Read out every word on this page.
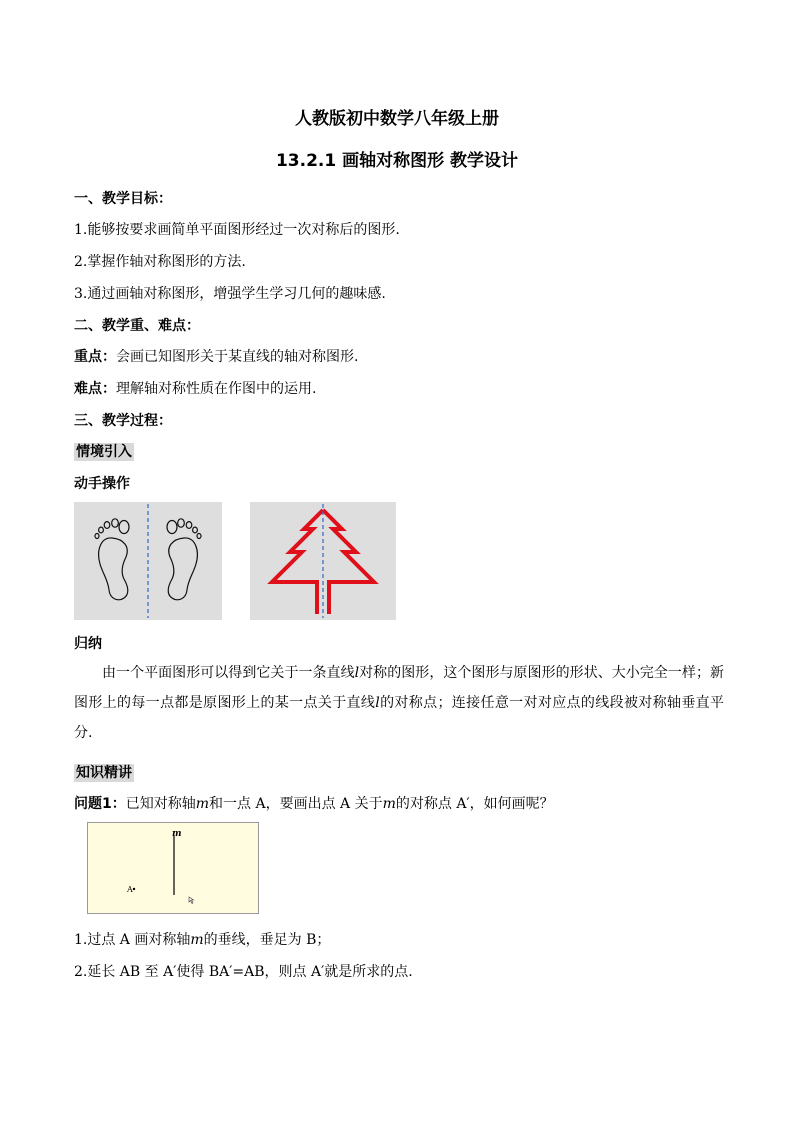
人教版初中数学八年级上册
13.2.1 画轴对称图形 教学设计
一、教学目标：
1.能够按要求画简单平面图形经过一次对称后的图形.
2.掌握作轴对称图形的方法.
3.通过画轴对称图形，增强学生学习几何的趣味感.
二、教学重、难点：
重点：会画已知图形关于某直线的轴对称图形.
难点：理解轴对称性质在作图中的运用.
三、教学过程：
情境引入
动手操作
归纳
由一个平面图形可以得到它关于一条直线l对称的图形，这个图形与原图形的形状、大小完全一样；新图形上的每一点都是原图形上的某一点关于直线l的对称点；连接任意一对对应点的线段被对称轴垂直平分.
知识精讲
问题1：已知对称轴m和一点 A，要画出点 A 关于m的对称点 A′，如何画呢？
m
A
1.过点 A 画对称轴m的垂线，垂足为 B；
2.延长 AB 至 A′使得 BA′=AB，则点 A′就是所求的点.
